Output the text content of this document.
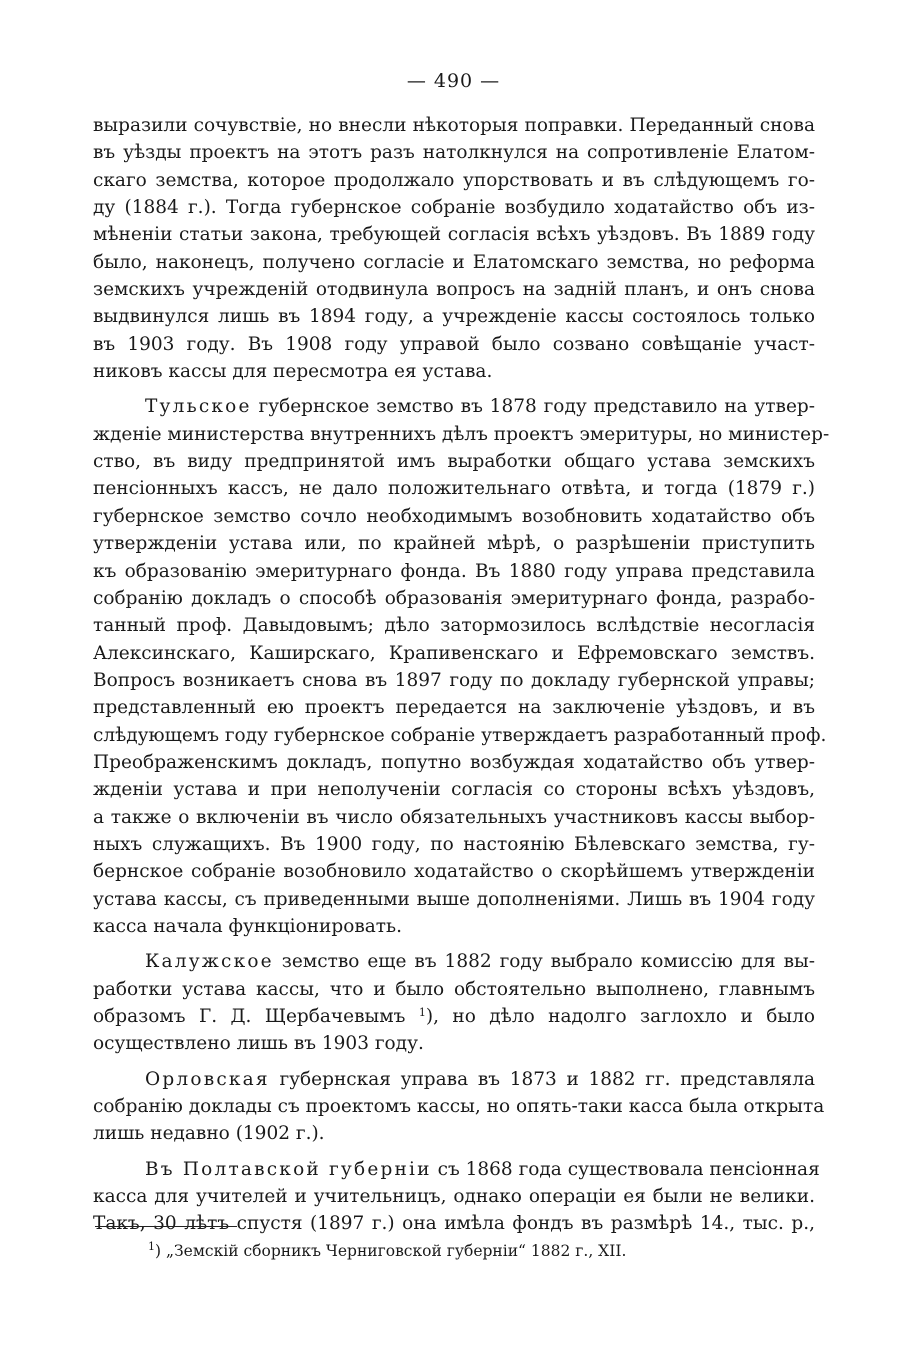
— 490 —
выразили сочувствіе, но внесли нѣкоторыя поправки. Переданный снова
въ уѣзды проектъ на этотъ разъ натолкнулся на сопротивленіе Елатом-
скаго земства, которое продолжало упорствовать и въ слѣдующемъ го-
ду (1884 г.). Тогда губернское собраніе возбудило ходатайство объ из-
мѣненіи статьи закона, требующей согласія всѣхъ уѣздовъ. Въ 1889 году
было, наконецъ, получено согласіе и Елатомскаго земства, но реформа
земскихъ учрежденій отодвинула вопросъ на задній планъ, и онъ снова
выдвинулся лишь въ 1894 году, а учрежденіе кассы состоялось только
въ 1903 году. Въ 1908 году управой было созвано совѣщаніе участ-
никовъ кассы для пересмотра ея устава.
Тульское губернское земство въ 1878 году представило на утвер-
жденіе министерства внутреннихъ дѣлъ проектъ эмеритуры, но министер-
ство, въ виду предпринятой имъ выработки общаго устава земскихъ
пенсіонныхъ кассъ, не дало положительнаго отвѣта, и тогда (1879 г.)
губернское земство сочло необходимымъ возобновить ходатайство объ
утвержденіи устава или, по крайней мѣрѣ, о разрѣшеніи приступить
къ образованію эмеритурнаго фонда. Въ 1880 году управа представила
собранію докладъ о способѣ образованія эмеритурнаго фонда, разрабо-
танный проф. Давыдовымъ; дѣло затормозилось вслѣдствіе несогласія
Алексинскаго, Каширскаго, Крапивенскаго и Ефремовскаго земствъ.
Вопросъ возникаетъ снова въ 1897 году по докладу губернской управы;
представленный ею проектъ передается на заключеніе уѣздовъ, и въ
слѣдующемъ году губернское собраніе утверждаетъ разработанный проф.
Преображенскимъ докладъ, попутно возбуждая ходатайство объ утвер-
жденіи устава и при неполученіи согласія со стороны всѣхъ уѣздовъ,
а также о включеніи въ число обязательныхъ участниковъ кассы выбор-
ныхъ служащихъ. Въ 1900 году, по настоянію Бѣлевскаго земства, гу-
бернское собраніе возобновило ходатайство о скорѣйшемъ утвержденіи
устава кассы, съ приведенными выше дополненіями. Лишь въ 1904 году
касса начала функціонировать.
Калужское земство еще въ 1882 году выбрало комиссію для вы-
работки устава кассы, что и было обстоятельно выполнено, главнымъ
образомъ Г. Д. Щербачевымъ $^1$), но дѣло надолго заглохло и было
осуществлено лишь въ 1903 году.
Орловская губернская управа въ 1873 и 1882 гг. представляла
собранію доклады съ проектомъ кассы, но опять-таки касса была открыта
лишь недавно (1902 г.).
Въ Полтавской губерніи съ 1868 года существовала пенсіонная
касса для учителей и учительницъ, однако операціи ея были не велики.
Такъ, 30 лѣтъ спустя (1897 г.) она имѣла фондъ въ размѣрѣ 14., тыс. р.,
$^1$) „Земскій сборникъ Черниговской губерніи“ 1882 г., XII.
